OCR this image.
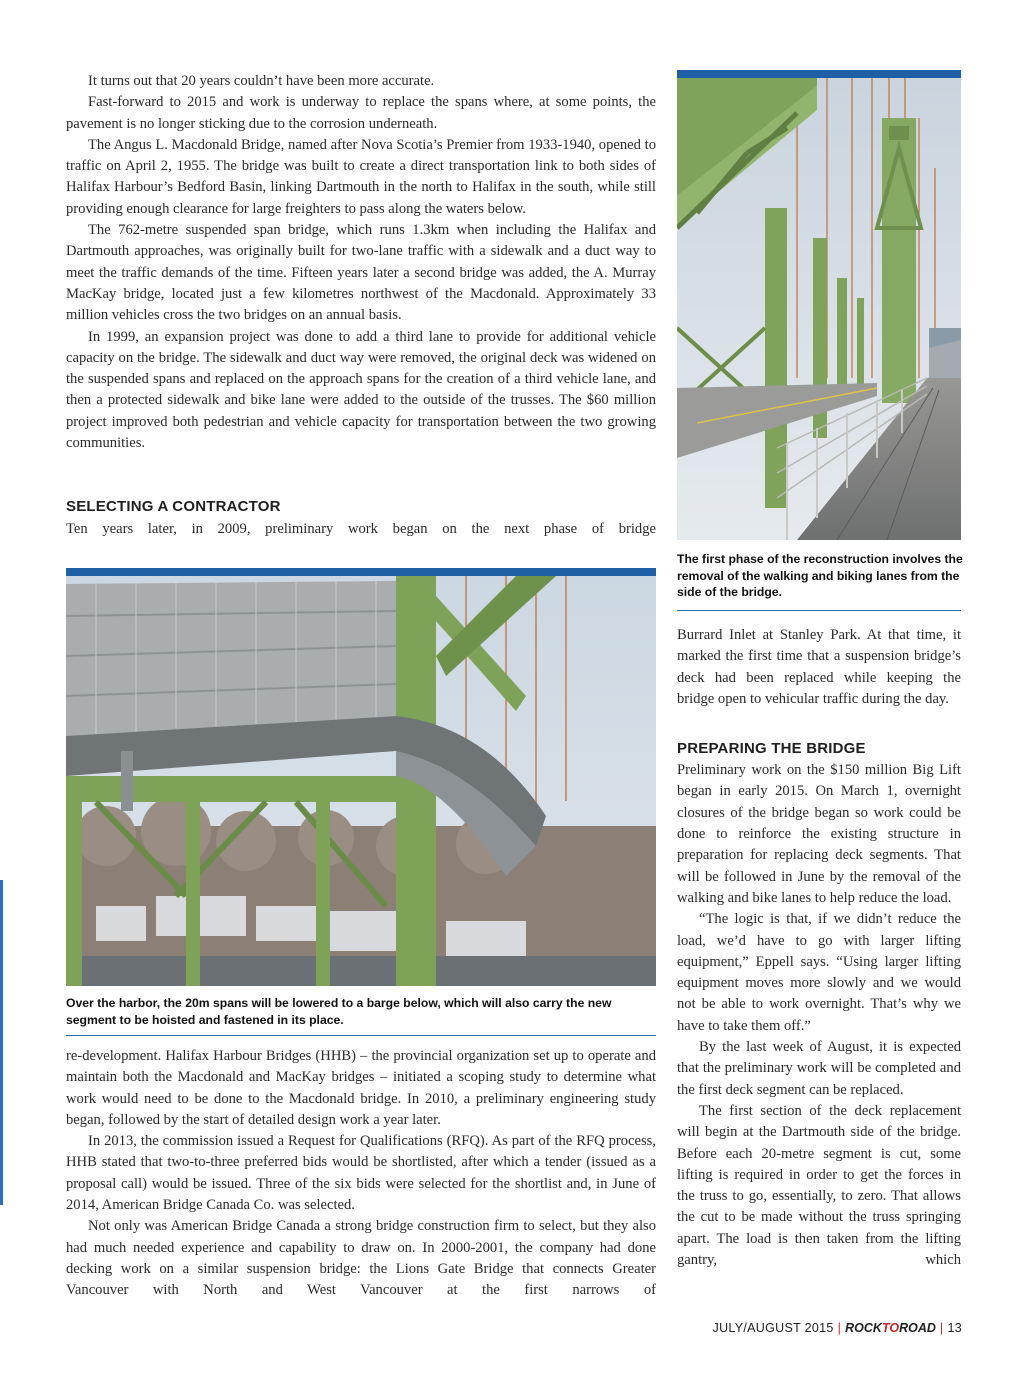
It turns out that 20 years couldn’t have been more accurate.

Fast-forward to 2015 and work is underway to replace the spans where, at some points, the pavement is no longer sticking due to the corrosion underneath.

The Angus L. Macdonald Bridge, named after Nova Scotia’s Premier from 1933-1940, opened to traffic on April 2, 1955. The bridge was built to create a direct transportation link to both sides of Halifax Harbour’s Bedford Basin, linking Dartmouth in the north to Halifax in the south, while still providing enough clearance for large freighters to pass along the waters below.

The 762-metre suspended span bridge, which runs 1.3km when including the Halifax and Dartmouth approaches, was originally built for two-lane traffic with a sidewalk and a duct way to meet the traffic demands of the time. Fifteen years later a second bridge was added, the A. Murray MacKay bridge, located just a few kilometres northwest of the Macdonald. Approximately 33 million vehicles cross the two bridges on an annual basis.

In 1999, an expansion project was done to add a third lane to provide for additional vehicle capacity on the bridge. The sidewalk and duct way were removed, the original deck was widened on the suspended spans and replaced on the approach spans for the creation of a third vehicle lane, and then a protected sidewalk and bike lane were added to the outside of the trusses. The $60 million project improved both pedestrian and vehicle capacity for transportation between the two growing communities.

SELECTING A CONTRACTOR

Ten years later, in 2009, preliminary work began on the next phase of bridge

The first phase of the reconstruction involves the removal of the walking and biking lanes from the side of the bridge.

Over the harbor, the 20m spans will be lowered to a barge below, which will also carry the new segment to be hoisted and fastened in its place.

re-development. Halifax Harbour Bridges (HHB) – the provincial organization set up to operate and maintain both the Macdonald and MacKay bridges – initiated a scoping study to determine what work would need to be done to the Macdonald bridge. In 2010, a preliminary engineering study began, followed by the start of detailed design work a year later.

In 2013, the commission issued a Request for Qualifications (RFQ). As part of the RFQ process, HHB stated that two-to-three preferred bids would be shortlisted, after which a tender (issued as a proposal call) would be issued. Three of the six bids were selected for the shortlist and, in June of 2014, American Bridge Canada Co. was selected.

Not only was American Bridge Canada a strong bridge construction firm to select, but they also had much needed experience and capability to draw on. In 2000-2001, the company had done decking work on a similar suspension bridge: the Lions Gate Bridge that connects Greater Vancouver with North and West Vancouver at the first narrows of

Burrard Inlet at Stanley Park. At that time, it marked the first time that a suspension bridge’s deck had been replaced while keeping the bridge open to vehicular traffic during the day.

PREPARING THE BRIDGE

Preliminary work on the $150 million Big Lift began in early 2015. On March 1, overnight closures of the bridge began so work could be done to reinforce the existing structure in preparation for replacing deck segments. That will be followed in June by the removal of the walking and bike lanes to help reduce the load.

“The logic is that, if we didn’t reduce the load, we’d have to go with larger lifting equipment,” Eppell says. “Using larger lifting equipment moves more slowly and we would not be able to work overnight. That’s why we have to take them off.”

By the last week of August, it is expected that the preliminary work will be completed and the first deck segment can be replaced.

The first section of the deck replacement will begin at the Dartmouth side of the bridge. Before each 20-metre segment is cut, some lifting is required in order to get the forces in the truss to go, essentially, to zero. That allows the cut to be made without the truss springing apart. The load is then taken from the lifting gantry, which

JULY/AUGUST 2015 | ROCKTOROAD | 13
